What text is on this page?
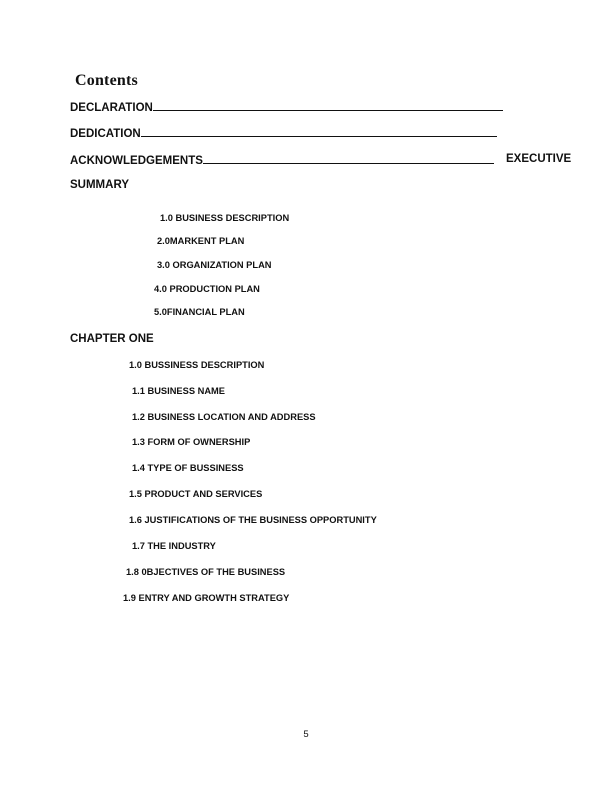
Contents
DECLARATION
DEDICATION
ACKNOWLEDGEMENTS	EXECUTIVE
SUMMARY
1.0 BUSINESS DESCRIPTION
2.0MARKENT PLAN
3.0 ORGANIZATION PLAN
4.0 PRODUCTION PLAN
5.0FINANCIAL PLAN
CHAPTER ONE
1.0 BUSSINESS DESCRIPTION
1.1 BUSINESS NAME
1.2 BUSINESS LOCATION AND ADDRESS
1.3 FORM OF OWNERSHIP
1.4 TYPE OF BUSSINESS
1.5 PRODUCT AND SERVICES
1.6 JUSTIFICATIONS OF THE BUSINESS OPPORTUNITY
1.7 THE INDUSTRY
1.8 0BJECTIVES OF THE BUSINESS
1.9 ENTRY AND GROWTH STRATEGY
5
